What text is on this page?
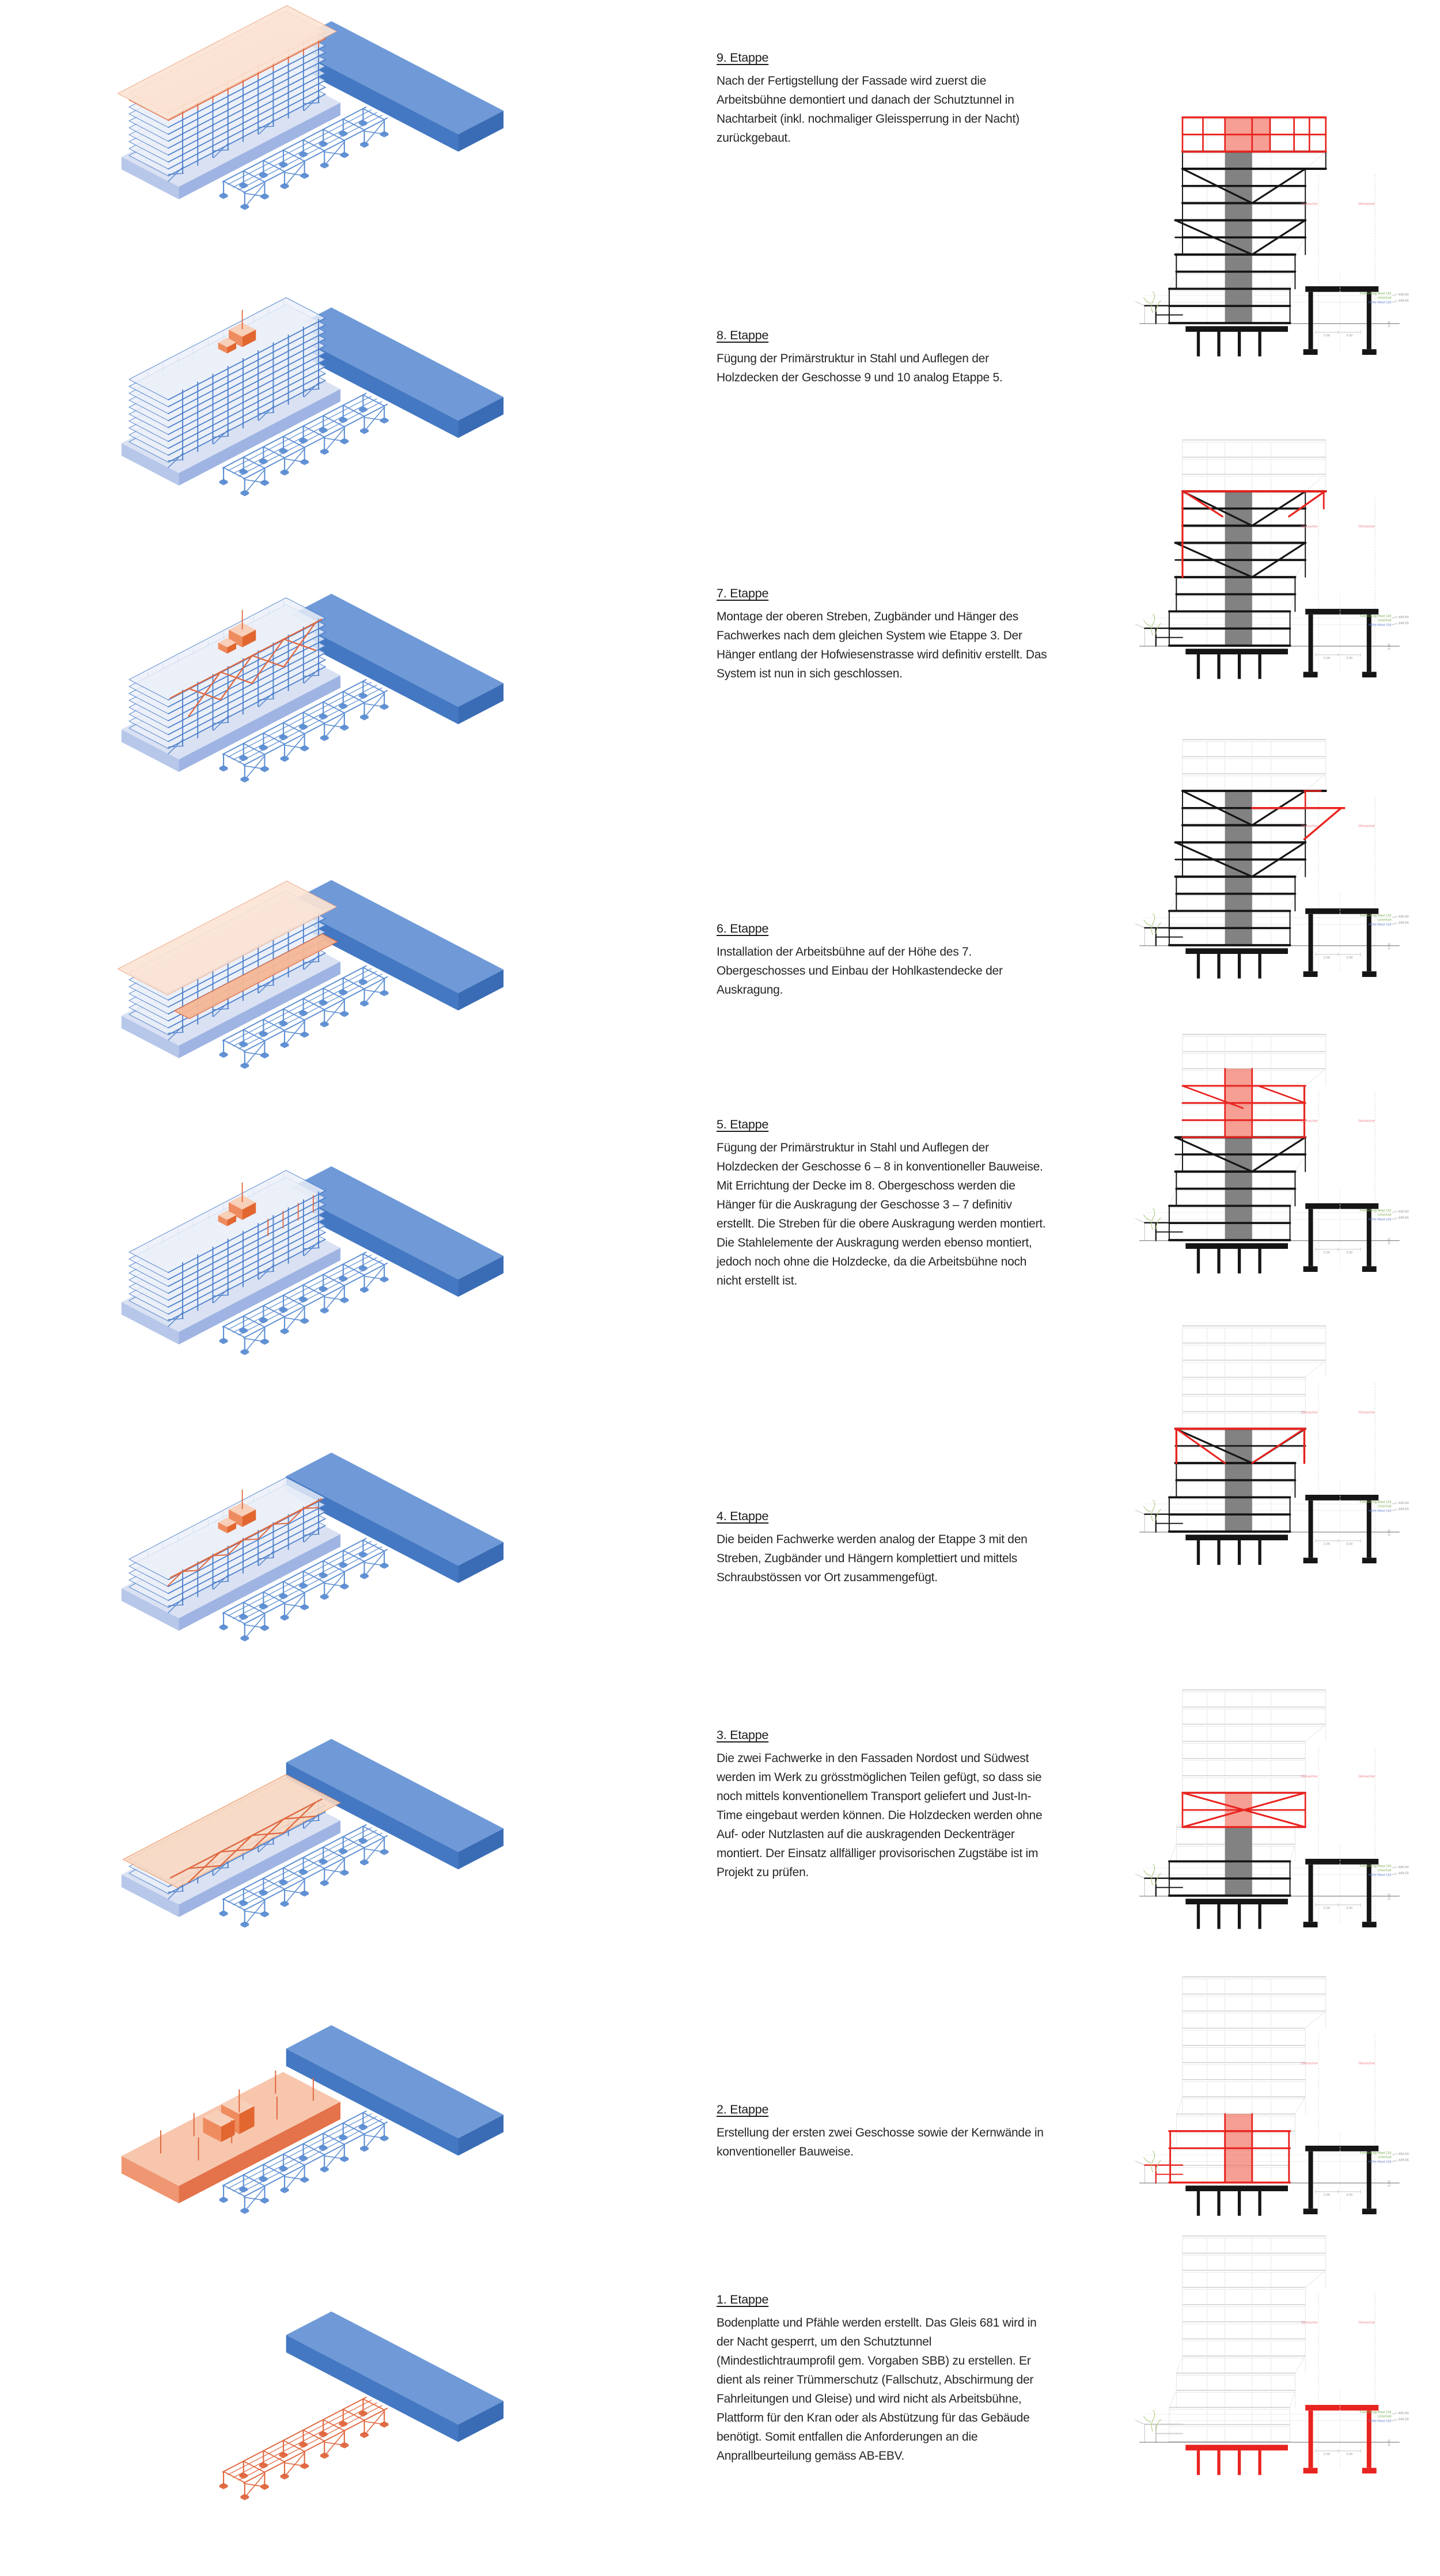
9. Etappe

Nach der Fertigstellung der Fassade wird zuerst die Arbeitsbühne demontiert und danach der Schutztunnel in Nachtarbeit (inkl. nochmaliger Gleissperrung in der Nacht) zurückgebaut.

8. Etappe

Fügung der Primärstruktur in Stahl und Auflegen der Holzdecken der Geschosse 9 und 10 analog Etappe 5.

7. Etappe

Montage der oberen Streben, Zugbänder und Hänger des Fachwerkes nach dem gleichen System wie Etappe 3. Der Hänger entlang der Hofwiesenstrasse wird definitiv erstellt. Das System ist nun in sich geschlossen.

6. Etappe

Installation der Arbeitsbühne auf der Höhe des 7. Obergeschosses und Einbau der Hohlkastendecke der Auskragung.

5. Etappe

Fügung der Primärstruktur in Stahl und Auflegen der Holzdecken der Geschosse 6 – 8 in konventioneller Bauweise. Mit Errichtung der Decke im 8. Obergeschoss werden die Hänger für die Auskragung der Geschosse 3 – 7 definitiv erstellt. Die Streben für die obere Auskragung werden montiert. Die Stahlelemente der Auskragung werden ebenso montiert, jedoch noch ohne die Holzdecke, da die Arbeitsbühne noch nicht erstellt ist.

4. Etappe

Die beiden Fachwerke werden analog der Etappe 3 mit den Streben, Zugbänder und Hängern komplettiert und mittels Schraubstössen vor Ort zusammengefügt.

3. Etappe

Die zwei Fachwerke in den Fassaden Nordost und Südwest werden im Werk zu grösstmöglichen Teilen gefügt, so dass sie noch mittels konventionellem Transport geliefert und Just-In-Time eingebaut werden können. Die Holzdecken werden ohne Auf- oder Nutzlasten auf die auskragenden Deckenträger montiert. Der Einsatz allfälliger provisorischen Zugstäbe ist im Projekt zu prüfen.

2. Etappe

Erstellung der ersten zwei Geschosse sowie der Kernwände in konventioneller Bauweise.

1. Etappe

Bodenplatte und Pfähle werden erstellt. Das Gleis 681 wird in der Nacht gesperrt, um den Schutztunnel (Mindestlichtraumprofil gem. Vorgaben SBB) zu erstellen. Er dient als reiner Trümmerschutz (Fallschutz, Abschirmung der Fahrleitungen und Gleise) und wird nicht als Arbeitsbühne, Plattform für den Kran oder als Abstützung für das Gebäude benötigt. Somit entfallen die Anforderungen an die Anprallbeurteilung gemäss AB-EBV.

Gleisachse	Gleisachse
Fahrleitung Mast 118
Unterhalt
Höhe Mast 118
430.50
449.55
3.00	3.00
9.05
Gleisachse	Gleisachse
Fahrleitung Mast 118
Unterhalt
Höhe Mast 118
430.50
449.55
3.00	3.00
9.05
Gleisachse	Gleisachse
Fahrleitung Mast 118
Unterhalt
Höhe Mast 118
430.50
449.55
3.00	3.00
9.05
Gleisachse	Gleisachse
Fahrleitung Mast 118
Unterhalt
Höhe Mast 118
430.50
449.55
3.00	3.00
9.05
Gleisachse	Gleisachse
Fahrleitung Mast 118
Unterhalt
Höhe Mast 118
430.50
449.55
3.00	3.00
9.05
Gleisachse	Gleisachse
Fahrleitung Mast 118
Unterhalt
Höhe Mast 118
430.50
449.55
3.00	3.00
9.05
Gleisachse	Gleisachse
Fahrleitung Mast 118
Unterhalt
Höhe Mast 118
430.50
449.55
3.00	3.00
9.05
Gleisachse	Gleisachse
Fahrleitung Mast 118
Unterhalt
Höhe Mast 118
430.50
449.55
3.00	3.00
9.05
